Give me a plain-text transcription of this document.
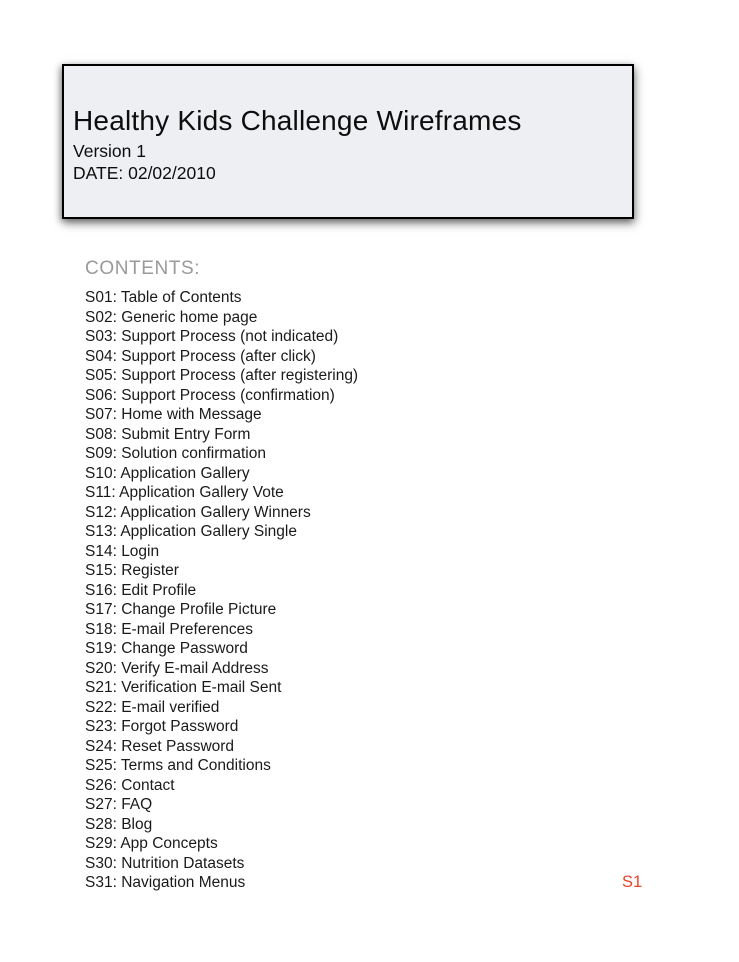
Healthy Kids Challenge Wireframes
Version 1
DATE: 02/02/2010
CONTENTS:
S01: Table of Contents
S02: Generic home page
S03: Support Process (not indicated)
S04: Support Process (after click)
S05: Support Process (after registering)
S06: Support Process (confirmation)
S07: Home with Message
S08: Submit Entry Form
S09: Solution confirmation
S10: Application Gallery
S11: Application Gallery Vote
S12: Application Gallery Winners
S13: Application Gallery Single
S14: Login
S15: Register
S16: Edit Profile
S17: Change Profile Picture
S18: E-mail Preferences
S19: Change Password
S20: Verify E-mail Address
S21: Verification E-mail Sent
S22: E-mail verified
S23: Forgot Password
S24: Reset Password
S25: Terms and Conditions
S26: Contact
S27: FAQ
S28: Blog
S29: App Concepts
S30: Nutrition Datasets
S31: Navigation Menus	S1
